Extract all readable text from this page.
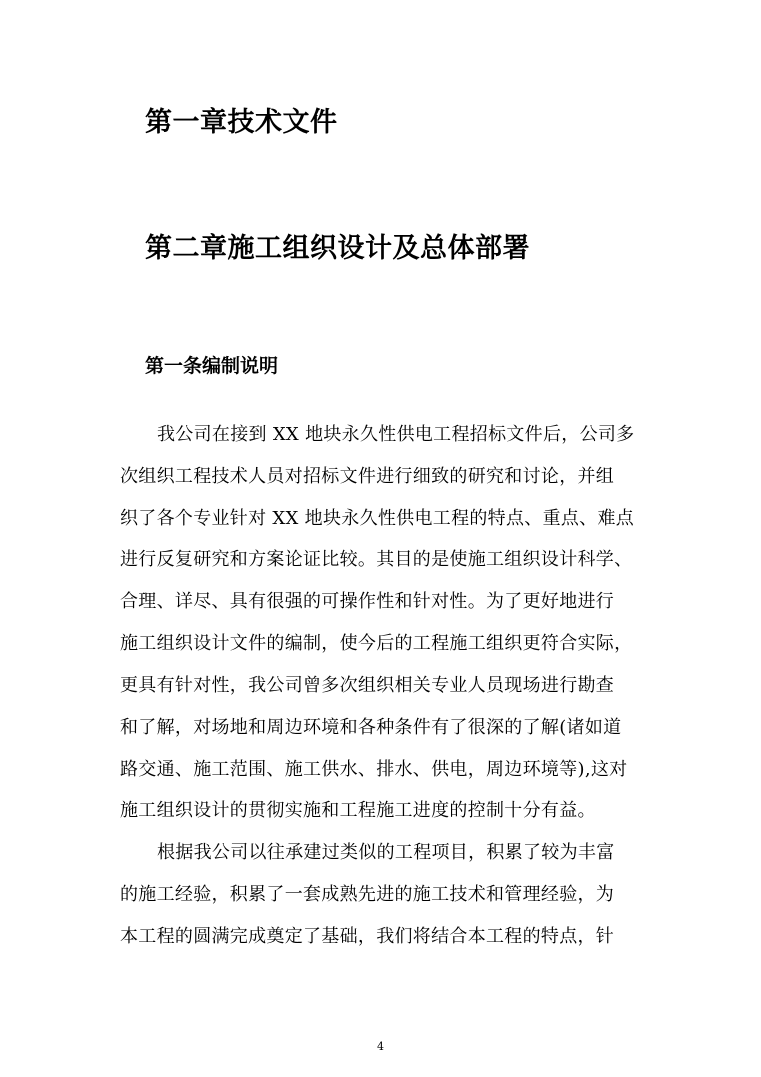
第一章技术文件
第二章施工组织设计及总体部署
第一条编制说明
我公司在接到 XX 地块永久性供电工程招标文件后，公司多
次组织工程技术人员对招标文件进行细致的研究和讨论，并组
织了各个专业针对 XX 地块永久性供电工程的特点、重点、难点
进行反复研究和方案论证比较。其目的是使施工组织设计科学、
合理、详尽、具有很强的可操作性和针对性。为了更好地进行
施工组织设计文件的编制，使今后的工程施工组织更符合实际，
更具有针对性，我公司曾多次组织相关专业人员现场进行勘查
和了解，对场地和周边环境和各种条件有了很深的了解(诸如道
路交通、施工范围、施工供水、排水、供电，周边环境等),这对
施工组织设计的贯彻实施和工程施工进度的控制十分有益。
根据我公司以往承建过类似的工程项目，积累了较为丰富
的施工经验，积累了一套成熟先进的施工技术和管理经验，为
本工程的圆满完成奠定了基础，我们将结合本工程的特点，针
4
